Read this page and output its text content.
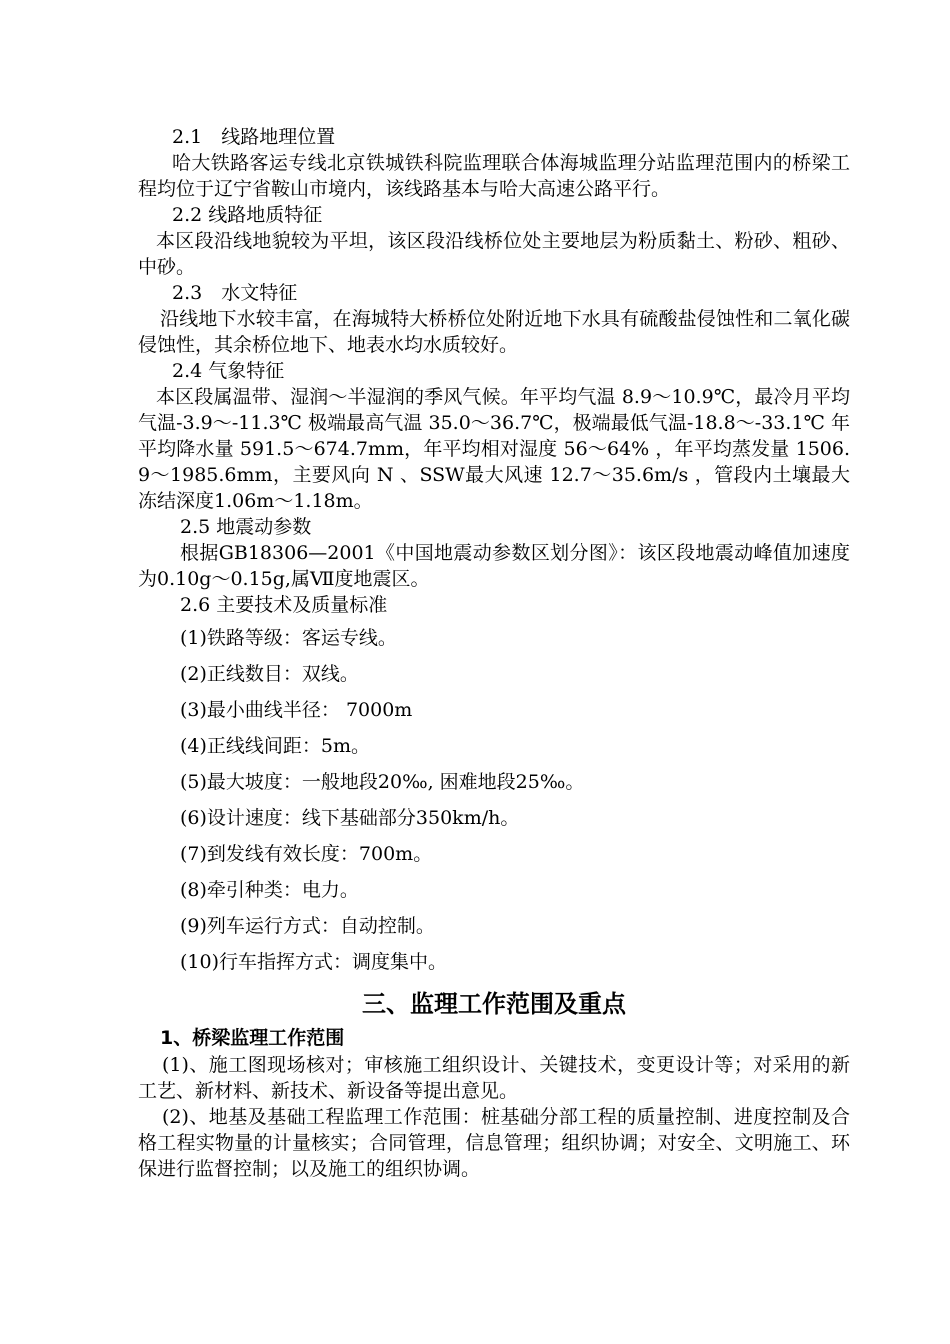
2.1　线路地理位置
哈大铁路客运专线北京铁城铁科院监理联合体海城监理分站监理范围内的桥梁工程均位于辽宁省鞍山市境内，该线路基本与哈大高速公路平行。
2.2 线路地质特征
本区段沿线地貌较为平坦，该区段沿线桥位处主要地层为粉质黏土、粉砂、粗砂、中砂。
2.3　水文特征
沿线地下水较丰富，在海城特大桥桥位处附近地下水具有硫酸盐侵蚀性和二氧化碳侵蚀性，其余桥位地下、地表水均水质较好。
2.4 气象特征
本区段属温带、湿润～半湿润的季风气候。年平均气温 8.9～10.9℃，最冷月平均气温-3.9～-11.3℃ 极端最高气温 35.0～36.7℃，极端最低气温-18.8～-33.1℃ 年平均降水量 591.5～674.7mm，年平均相对湿度 56～64% ，年平均蒸发量 1506.9～1985.6mm，主要风向 N 、SSW最大风速 12.7～35.6m/s ，管段内土壤最大冻结深度1.06m～1.18m。
2.5 地震动参数
根据GB18306—2001《中国地震动参数区划分图》：该区段地震动峰值加速度为0.10g～0.15g,属Ⅶ度地震区。
2.6 主要技术及质量标准
(1)铁路等级：客运专线。
(2)正线数目：双线。
(3)最小曲线半径： 7000m
(4)正线线间距：5m。
(5)最大坡度：一般地段20‰, 困难地段25‰。
(6)设计速度：线下基础部分350km/h。
(7)到发线有效长度：700m。
(8)牵引种类：电力。
(9)列车运行方式：自动控制。
(10)行车指挥方式：调度集中。
三、监理工作范围及重点
1、桥梁监理工作范围
(1)、施工图现场核对；审核施工组织设计、关键技术，变更设计等；对采用的新工艺、新材料、新技术、新设备等提出意见。
(2)、地基及基础工程监理工作范围：桩基础分部工程的质量控制、进度控制及合格工程实物量的计量核实；合同管理，信息管理；组织协调；对安全、文明施工、环保进行监督控制；以及施工的组织协调。
